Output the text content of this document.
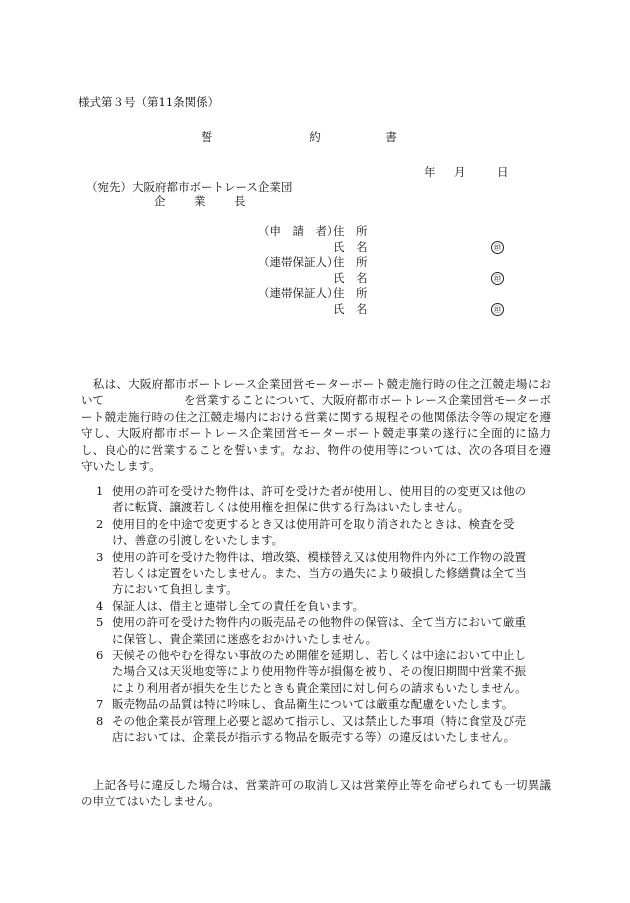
様式第３号（第11条関係）
誓	約	書
年 月	日
（宛先）大阪府都市ボートレース企業団
企 業 長
（申　請　者）
住　所
氏　名	㊞
（連帯保証人）
住　所
氏　名	㊞
（連帯保証人）
住　所
氏　名	㊞
　私は、大阪府都市ボートレース企業団営モーターボート競走施行時の住之江競走場において	を営業することについて、大阪府都市ボートレース企業団営モーターボート競走施行時の住之江競走場内における営業に関する規程その他関係法令等の規定を遵守し、大阪府都市ボートレース企業団営モーターボート競走事業の遂行に全面的に協力し、良心的に営業することを誓います。なお、物件の使用等については、次の各項目を遵守いたします。
1 使用の許可を受けた物件は、許可を受けた者が使用し、使用目的の変更又は他の者に転貸、譲渡若しくは使用権を担保に供する行為はいたしません。
2 使用目的を中途で変更するとき又は使用許可を取り消されたときは、検査を受け、善意の引渡しをいたします。
3 使用の許可を受けた物件は、増改築、模様替え又は使用物件内外に工作物の設置若しくは定置をいたしません。また、当方の過失により破損した修繕費は全て当方において負担します。
4 保証人は、借主と連帯し全ての責任を負います。
5 使用の許可を受けた物件内の販売品その他物件の保管は、全て当方において厳重に保管し、貴企業団に迷惑をおかけいたしません。
6 天候その他やむを得ない事故のため開催を延期し、若しくは中途において中止した場合又は天災地変等により使用物件等が損傷を被り、その復旧期間中営業不振により利用者が損失を生じたときも貴企業団に対し何らの請求もいたしません。
7 販売物品の品質は特に吟味し、食品衛生については厳重な配慮をいたします。
8 その他企業長が管理上必要と認めて指示し、又は禁止した事項（特に食堂及び売店においては、企業長が指示する物品を販売する等）の違反はいたしません。
　上記各号に違反した場合は、営業許可の取消し又は営業停止等を命ぜられても一切異議の申立てはいたしません。
